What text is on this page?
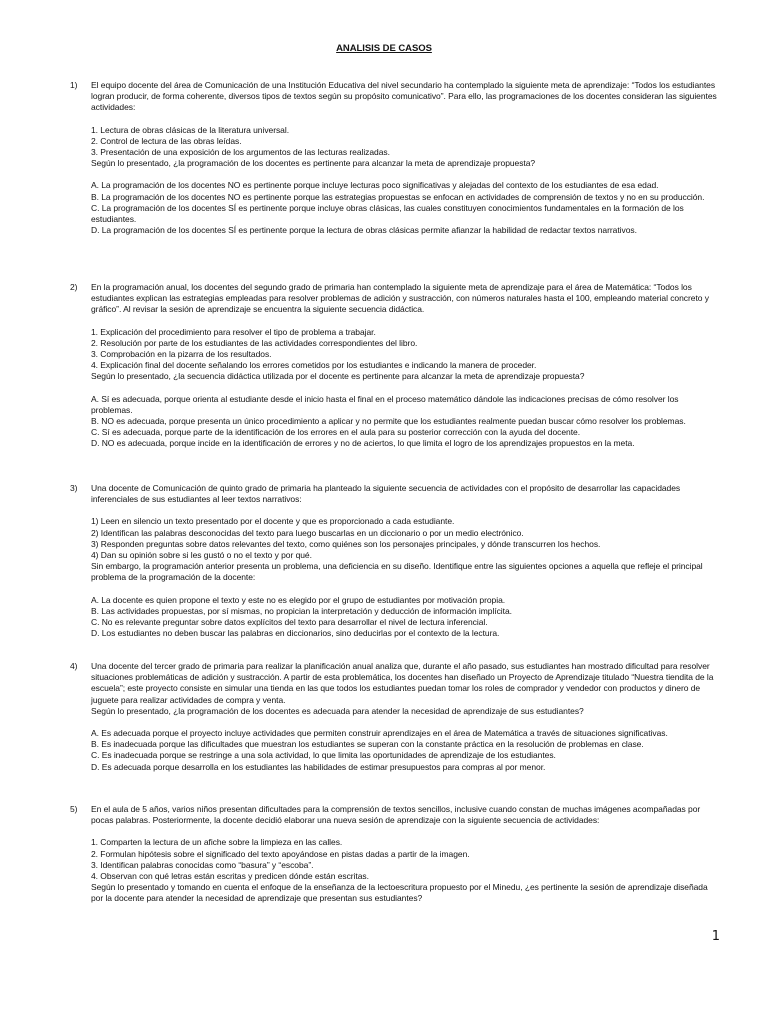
ANALISIS DE CASOS
1)	El equipo docente del área de Comunicación de una Institución Educativa del nivel secundario ha contemplado la siguiente meta de aprendizaje: “Todos los estudiantes logran producir, de forma coherente, diversos tipos de textos según su propósito comunicativo”. Para ello, las programaciones de los docentes consideran las siguientes actividades:

1. Lectura de obras clásicas de la literatura universal.

2. Control de lectura de las obras leídas.

3. Presentación de una exposición de los argumentos de las lecturas realizadas.

Según lo presentado, ¿la programación de los docentes es pertinente para alcanzar la meta de aprendizaje propuesta?

A. La programación de los docentes NO es pertinente porque incluye lecturas poco significativas y alejadas del contexto de los estudiantes de esa edad.

B. La programación de los docentes NO es pertinente porque las estrategias propuestas se enfocan en actividades de comprensión de textos y no en su producción.

C. La programación de los docentes SÍ es pertinente porque incluye obras clásicas, las cuales constituyen conocimientos fundamentales en la formación de los estudiantes.

D. La programación de los docentes SÍ es pertinente porque la lectura de obras clásicas permite afianzar la habilidad de redactar textos narrativos.

2)	En la programación anual, los docentes del segundo grado de primaria han contemplado la siguiente meta de aprendizaje para el área de Matemática: “Todos los estudiantes explican las estrategias empleadas para resolver problemas de adición y sustracción, con números naturales hasta el 100, empleando material concreto y gráfico”. Al revisar la sesión de aprendizaje se encuentra la siguiente secuencia didáctica.

1. Explicación del procedimiento para resolver el tipo de problema a trabajar.

2. Resolución por parte de los estudiantes de las actividades correspondientes del libro.

3. Comprobación en la pizarra de los resultados.

4. Explicación final del docente señalando los errores cometidos por los estudiantes e indicando la manera de proceder.

Según lo presentado, ¿la secuencia didáctica utilizada por el docente es pertinente para alcanzar la meta de aprendizaje propuesta?

A. Sí es adecuada, porque orienta al estudiante desde el inicio hasta el final en el proceso matemático dándole las indicaciones precisas de cómo resolver los problemas.

B. NO es adecuada, porque presenta un único procedimiento a aplicar y no permite que los estudiantes realmente puedan buscar cómo resolver los problemas.

C. Sí es adecuada, porque parte de la identificación de los errores en el aula para su posterior corrección con la ayuda del docente.

D. NO es adecuada, porque incide en la identificación de errores y no de aciertos, lo que limita el logro de los aprendizajes propuestos en la meta.

3)	Una docente de Comunicación de quinto grado de primaria ha planteado la siguiente secuencia de actividades con el propósito de desarrollar las capacidades inferenciales de sus estudiantes al leer textos narrativos:

1) Leen en silencio un texto presentado por el docente y que es proporcionado a cada estudiante.

2) Identifican las palabras desconocidas del texto para luego buscarlas en un diccionario o por un medio electrónico.

3) Responden preguntas sobre datos relevantes del texto, como quiénes son los personajes principales, y dónde transcurren los hechos.

4) Dan su opinión sobre si les gustó o no el texto y por qué.

Sin embargo, la programación anterior presenta un problema, una deficiencia en su diseño. Identifique entre las siguientes opciones a aquella que refleje el principal problema de la programación de la docente:

A. La docente es quien propone el texto y este no es elegido por el grupo de estudiantes por motivación propia.

B. Las actividades propuestas, por sí mismas, no propician la interpretación y deducción de información implícita.

C. No es relevante preguntar sobre datos explícitos del texto para desarrollar el nivel de lectura inferencial.

D. Los estudiantes no deben buscar las palabras en diccionarios, sino deducirlas por el contexto de la lectura.

4)	Una docente del tercer grado de primaria para realizar la planificación anual analiza que, durante el año pasado, sus estudiantes han mostrado dificultad para resolver situaciones problemáticas de adición y sustracción. A partir de esta problemática, los docentes han diseñado un Proyecto de Aprendizaje titulado “Nuestra tiendita de la escuela”; este proyecto consiste en simular una tienda en las que todos los estudiantes puedan tomar los roles de comprador y vendedor con productos y dinero de juguete para realizar actividades de compra y venta.

Según lo presentado, ¿la programación de los docentes es adecuada para atender la necesidad de aprendizaje de sus estudiantes?

A. Es adecuada porque el proyecto incluye actividades que permiten construir aprendizajes en el área de Matemática a través de situaciones significativas.

B. Es inadecuada porque las dificultades que muestran los estudiantes se superan con la constante práctica en la resolución de problemas en clase.

C. Es inadecuada porque se restringe a una sola actividad, lo que limita las oportunidades de aprendizaje de los estudiantes.

D. Es adecuada porque desarrolla en los estudiantes las habilidades de estimar presupuestos para compras al por menor.

5)	En el aula de 5 años, varios niños presentan dificultades para la comprensión de textos sencillos, inclusive cuando constan de muchas imágenes acompañadas por pocas palabras. Posteriormente, la docente decidió elaborar una nueva sesión de aprendizaje con la siguiente secuencia de actividades:

1. Comparten la lectura de un afiche sobre la limpieza en las calles.

2. Formulan hipótesis sobre el significado del texto apoyándose en pistas dadas a partir de la imagen.

3. Identifican palabras conocidas como “basura” y “escoba”.

4. Observan con qué letras están escritas y predicen dónde están escritas.

Según lo presentado y tomando en cuenta el enfoque de la enseñanza de la lectoescritura propuesto por el Minedu, ¿es pertinente la sesión de aprendizaje diseñada por la docente para atender la necesidad de aprendizaje que presentan sus estudiantes?

1
